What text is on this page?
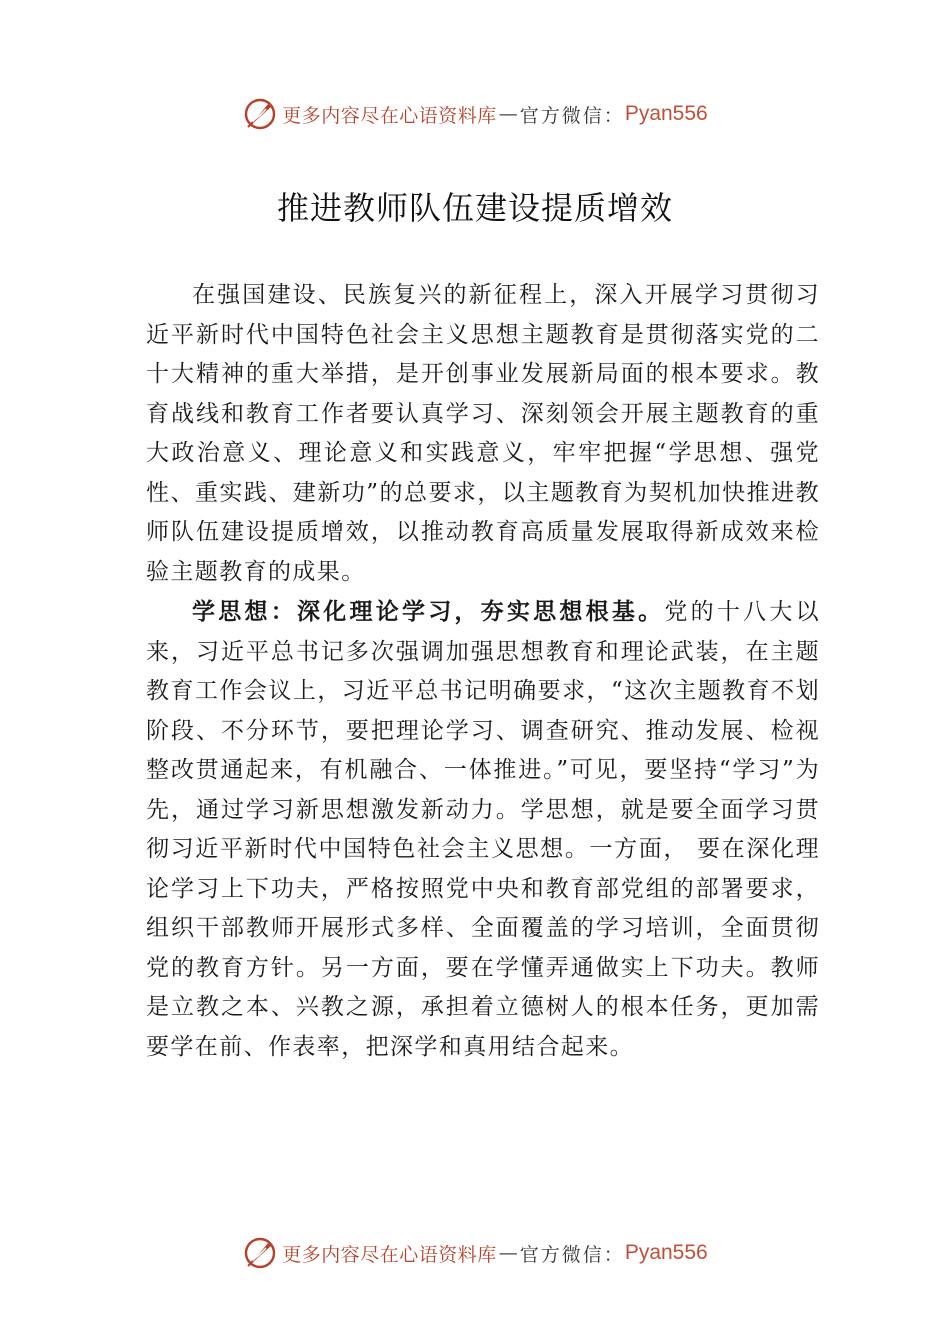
更多内容尽在心语资料库 — 官方微信： Pyan556
推进教师队伍建设提质增效

在强国建设、民族复兴的新征程上，深入开展学习贯彻习近平新时代中国特色社会主义思想主题教育是贯彻落实党的二十大精神的重大举措，是开创事业发展新局面的根本要求。教育战线和教育工作者要认真学习、深刻领会开展主题教育的重大政治意义、理论意义和实践意义，牢牢把握“学思想、强党性、重实践、建新功”的总要求，以主题教育为契机加快推进教师队伍建设提质增效，以推动教育高质量发展取得新成效来检验主题教育的成果。

学思想：深化理论学习，夯实思想根基。党的十八大以来，习近平总书记多次强调加强思想教育和理论武装，在主题教育工作会议上，习近平总书记明确要求，“这次主题教育不划阶段、不分环节，要把理论学习、调查研究、推动发展、检视整改贯通起来，有机融合、一体推进。”可见，要坚持“学习”为先，通过学习新思想激发新动力。学思想，就是要全面学习贯彻习近平新时代中国特色社会主义思想。一方面， 要在深化理论学习上下功夫，严格按照党中央和教育部党组的部署要求，组织干部教师开展形式多样、全面覆盖的学习培训，全面贯彻党的教育方针。另一方面，要在学懂弄通做实上下功夫。教师是立教之本、兴教之源，承担着立德树人的根本任务，更加需要学在前、作表率，把深学和真用结合起来。

更多内容尽在心语资料库 — 官方微信： Pyan556
